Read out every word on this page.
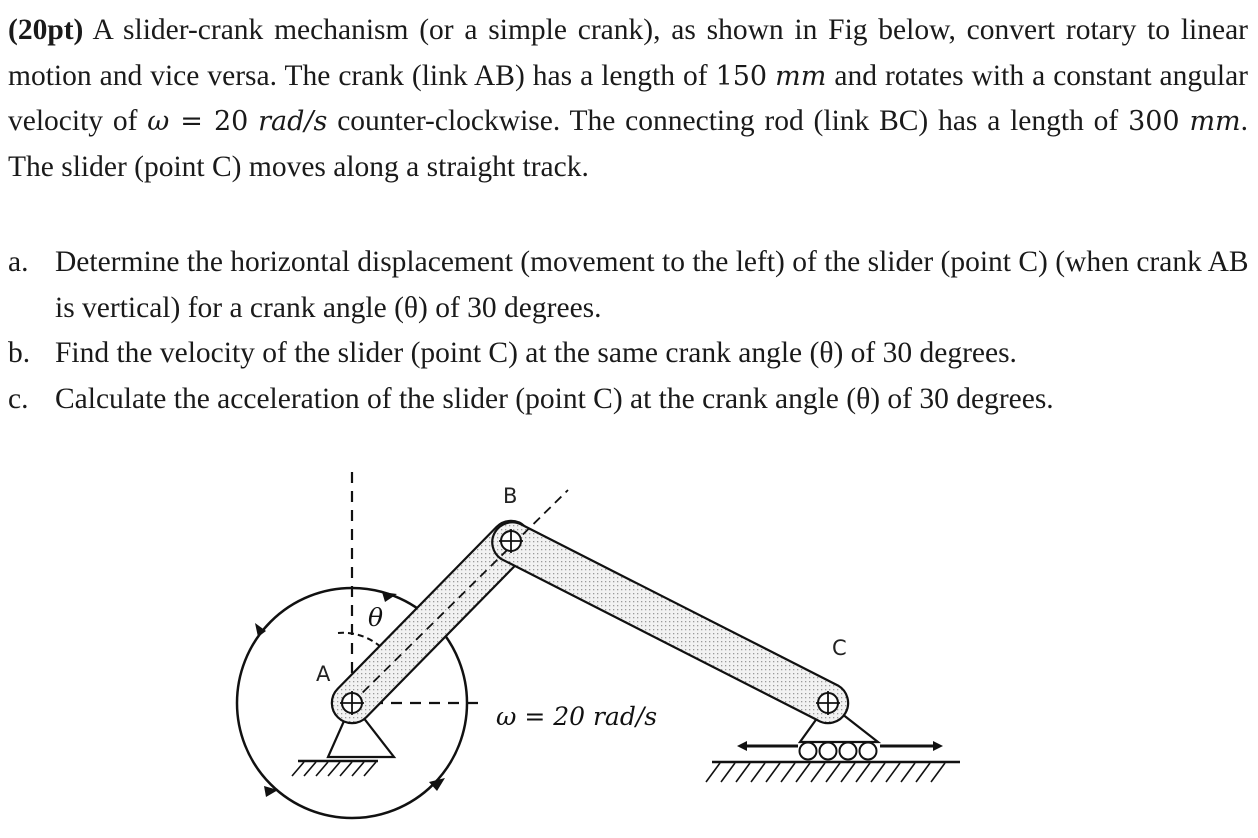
(20pt) A slider-crank mechanism (or a simple crank), as shown in Fig below, convert rotary to linear motion and vice versa. The crank (link AB) has a length of 150 mm and rotates with a constant angular velocity of ω = 20 rad/s counter-clockwise. The connecting rod (link BC) has a length of 300 mm. The slider (point C) moves along a straight track.
a. Determine the horizontal displacement (movement to the left) of the slider (point C) (when crank AB is vertical) for a crank angle (θ) of 30 degrees.
b. Find the velocity of the slider (point C) at the same crank angle (θ) of 30 degrees.
c. Calculate the acceleration of the slider (point C) at the crank angle (θ) of 30 degrees.
A
B
C
θ
ω = 20 rad/s
